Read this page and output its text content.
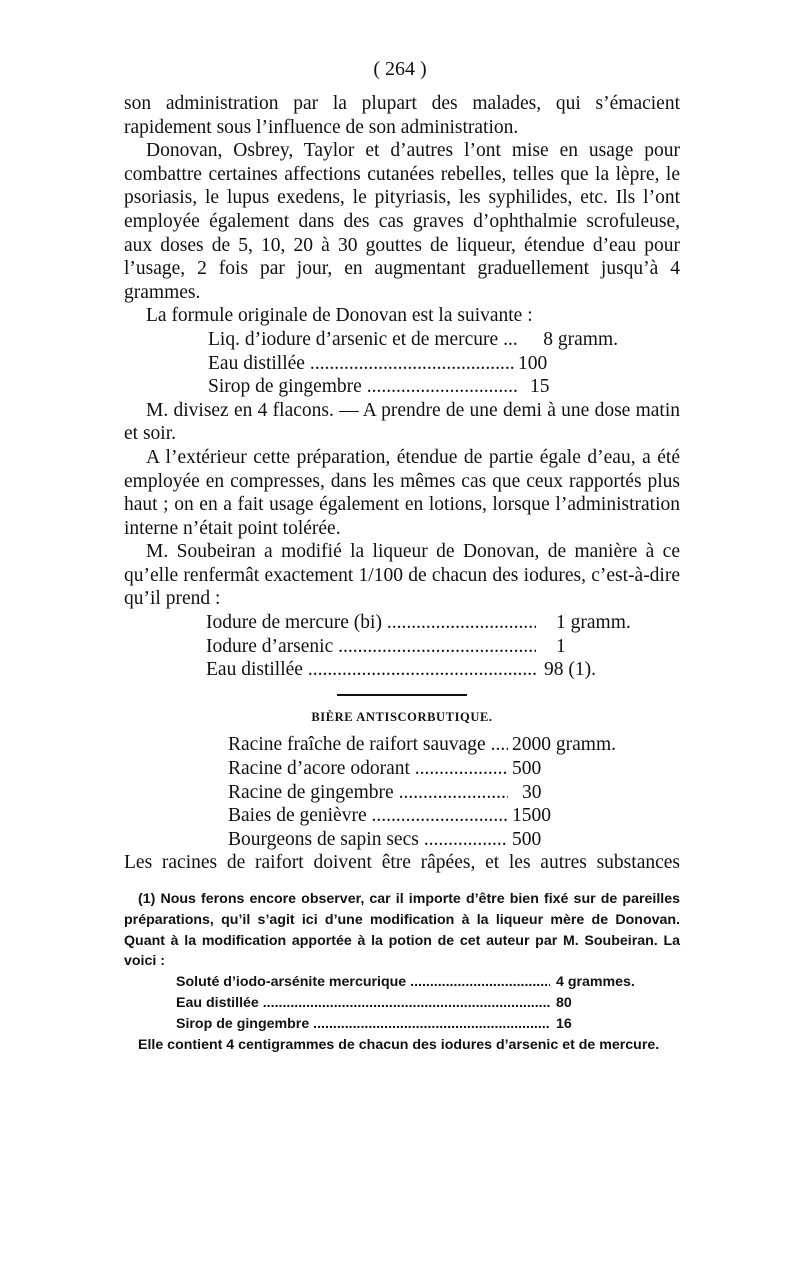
( 264 )

son administration par la plupart des malades, qui s’émacient rapidement sous l’influence de son administration.

Donovan, Osbrey, Taylor et d’autres l’ont mise en usage pour combattre certaines affections cutanées rebelles, telles que la lèpre, le psoriasis, le lupus exedens, le pityriasis, les syphilides, etc. Ils l’ont employée également dans des cas graves d’ophthalmie scrofuleuse, aux doses de 5, 10, 20 à 30 gouttes de liqueur, étendue d’eau pour l’usage, 2 fois par jour, en augmentant graduellement jusqu’à 4 grammes.

La formule originale de Donovan est la suivante :

Liq. d’iodure d’arsenic et de mercure .....	8 gramm.
Eau distillée .....	100
Sirop de gingembre .....	15

M. divisez en 4 flacons. — A prendre de une demi à une dose matin et soir.

A l’extérieur cette préparation, étendue de partie égale d’eau, a été employée en compresses, dans les mêmes cas que ceux rapportés plus haut ; on en a fait usage également en lotions, lorsque l’administration interne n’était point tolérée.

M. Soubeiran a modifié la liqueur de Donovan, de manière à ce qu’elle renfermât exactement 1/100 de chacun des iodures, c’est-à-dire qu’il prend :

Iodure de mercure (bi) .....	1 gramm.
Iodure d’arsenic .....	1
Eau distillée .....	98 (1).
BIÈRE ANTISCORBUTIQUE.
Racine fraîche de raifort sauvage .....	2000 gramm.
Racine d’acore odorant .....	500
Racine de gingembre .....	30
Baies de genièvre .....	1500
Bourgeons de sapin secs .....	500

Les racines de raifort doivent être râpées, et les autres substances

(1) Nous ferons encore observer, car il importe d’être bien fixé sur de pareilles préparations, qu’il s’agit ici d’une modification à la liqueur mère de Donovan. Quant à la modification apportée à la potion de cet auteur par M. Soubeiran. La voici :

Soluté d’iodo-arsénite mercurique .....	4 grammes.
Eau distillée .....	80
Sirop de gingembre .....	16

Elle contient 4 centigrammes de chacun des iodures d’arsenic et de mercure.
